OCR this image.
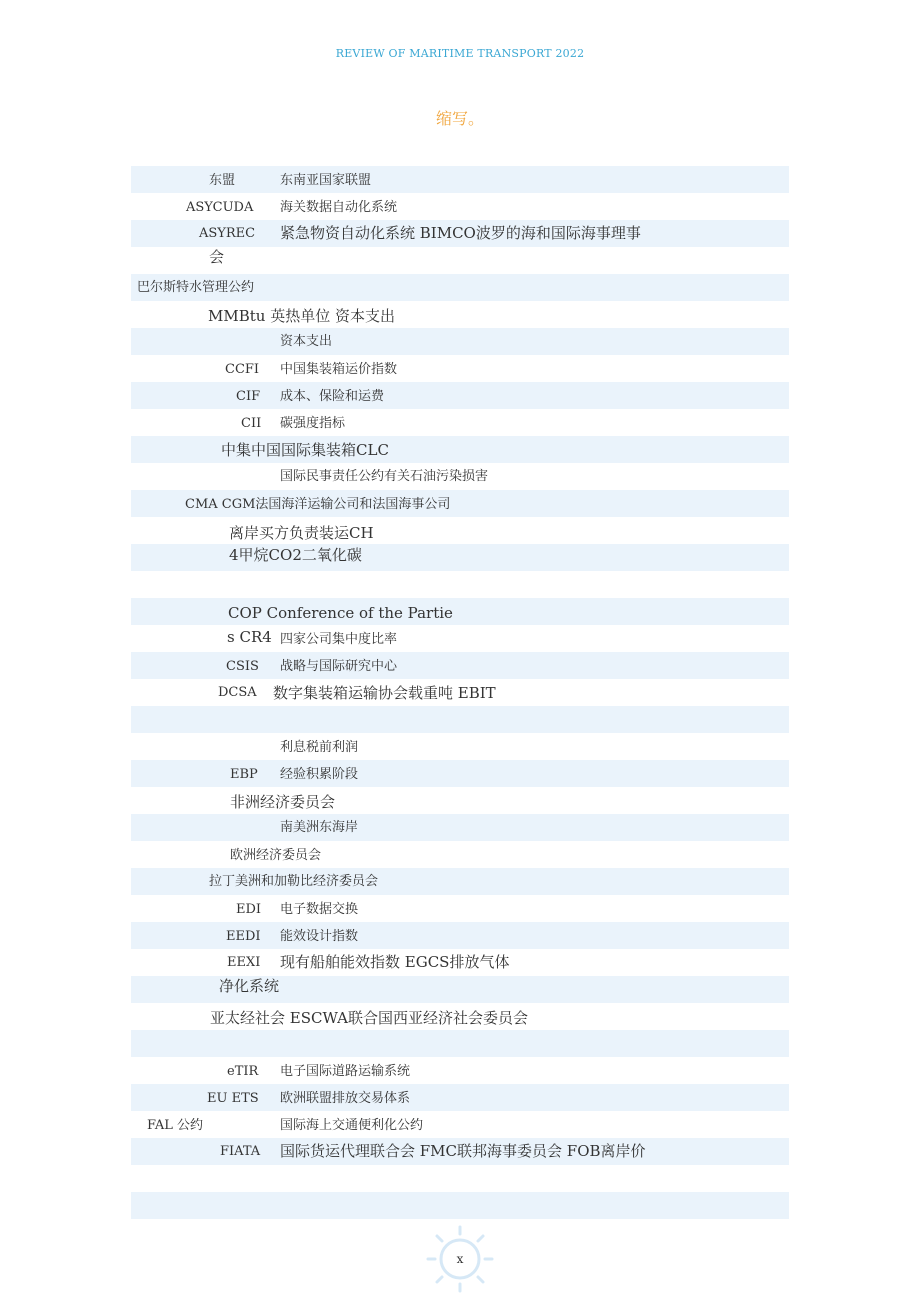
REVIEW OF MARITIME TRANSPORT 2022
缩写。
东盟	东南亚国家联盟
ASYCUDA 海关数据自动化系统
ASYREC 紧急物资自动化系统 BIMCO波罗的海和国际海事理事
会
巴尔斯特水管理公约
MMBtu 英热单位 资本支出
资本支出
CCFI 中国集装箱运价指数
CIF 成本、保险和运费
CII 碳强度指标
中集中国国际集装箱CLC
国际民事责任公约有关石油污染损害
CMA CGM法国海洋运输公司和法国海事公司
离岸买方负责装运CH
4甲烷CO2二氧化碳
COP Conference of the Partie
s CR4 四家公司集中度比率
CSIS 战略与国际研究中心
DCSA 数字集装箱运输协会载重吨 EBIT
利息税前利润
EBP 经验积累阶段
非洲经济委员会
南美洲东海岸
欧洲经济委员会
拉丁美洲和加勒比经济委员会
EDI 电子数据交换
EEDI 能效设计指数
EEXI 现有船舶能效指数 EGCS排放气体
净化系统
亚太经社会 ESCWA联合国西亚经济社会委员会
eTIR 电子国际道路运输系统
EU ETS 欧洲联盟排放交易体系
FAL 公约	国际海上交通便利化公约
FIATA 国际货运代理联合会 FMC联邦海事委员会 FOB离岸价
x
